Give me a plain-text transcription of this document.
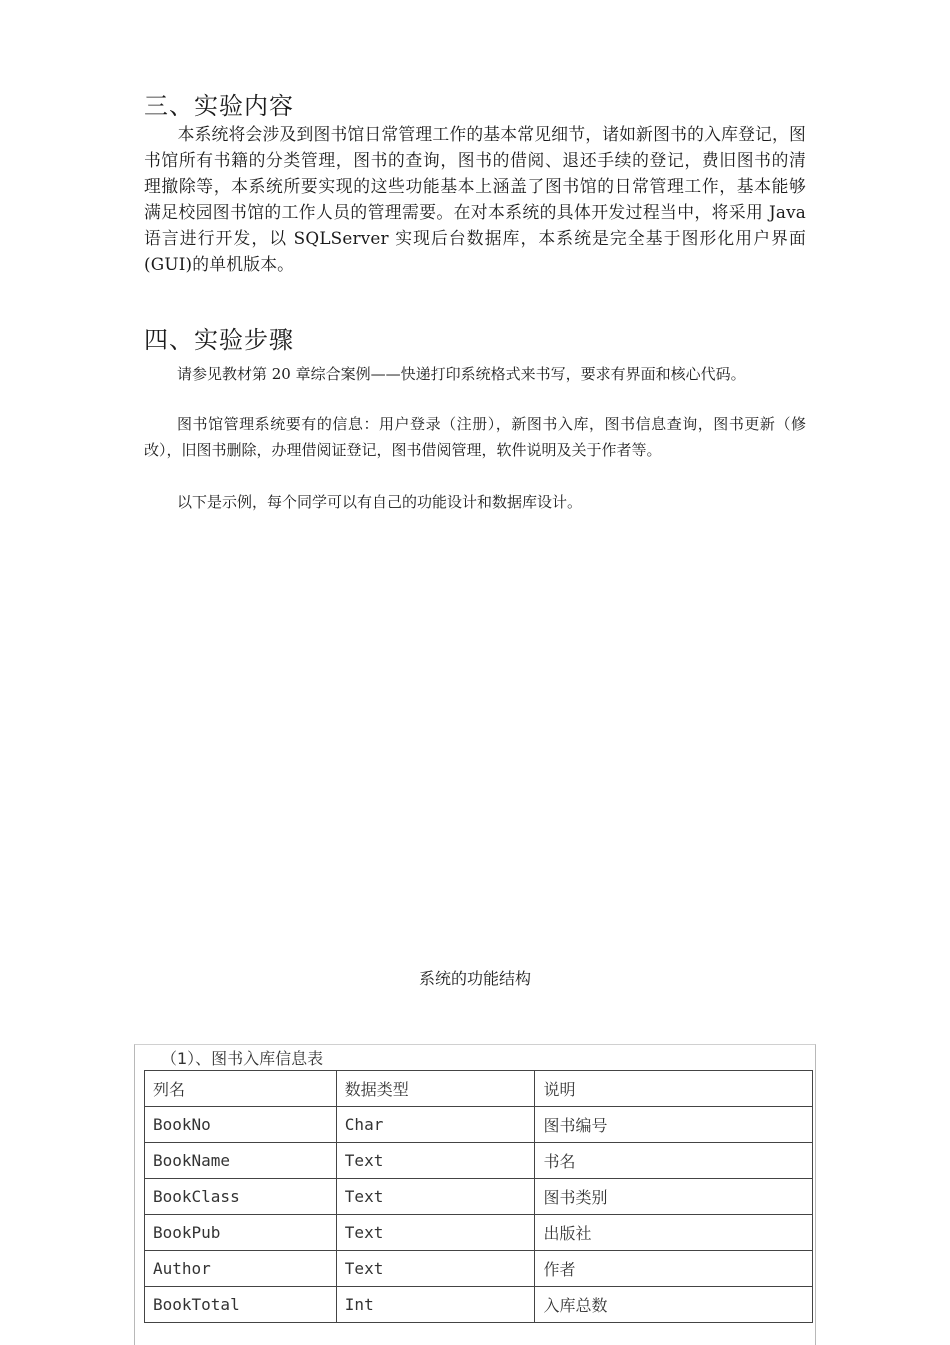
三、实验内容

本系统将会涉及到图书馆日常管理工作的基本常见细节，诸如新图书的入库登记，图书馆所有书籍的分类管理，图书的查询，图书的借阅、退还手续的登记，费旧图书的清理撤除等，本系统所要实现的这些功能基本上涵盖了图书馆的日常管理工作，基本能够满足校园图书馆的工作人员的管理需要。在对本系统的具体开发过程当中，将采用 Java 语言进行开发，以 SQLServer 实现后台数据库，本系统是完全基于图形化用户界面(GUI)的单机版本。

四、实验步骤

请参见教材第 20 章综合案例——快递打印系统格式来书写，要求有界面和核心代码。

图书馆管理系统要有的信息：用户登录（注册），新图书入库，图书信息查询，图书更新（修改），旧图书删除，办理借阅证登记，图书借阅管理，软件说明及关于作者等。

以下是示例，每个同学可以有自己的功能设计和数据库设计。

系统的功能结构

（1）、图书入库信息表

列名	数据类型	说明
BookNo	Char	图书编号
BookName	Text	书名
BookClass	Text	图书类别
BookPub	Text	出版社
Author	Text	作者
BookTotal	Int	入库总数
